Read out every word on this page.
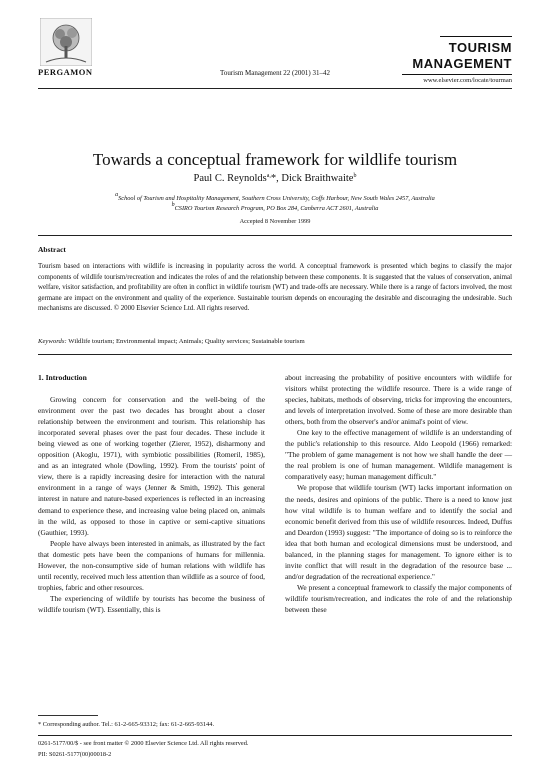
PERGAMON	Tourism Management 22 (2001) 31–42
TOURISM
MANAGEMENT
www.elsevier.com/locate/tourman
Towards a conceptual framework for wildlife tourism
Paul C. Reynolds$^{a,}$*, Dick Braithwaite$^b$
$^a$School of Tourism and Hospitality Management, Southern Cross University, Coffs Harbour, New South Wales 2457, Australia
$^b$CSIRO Tourism Research Program, PO Box 284, Canberra ACT 2601, Australia
Accepted 8 November 1999
Abstract
Tourism based on interactions with wildlife is increasing in popularity across the world. A conceptual framework is presented which begins to classify the major components of wildlife tourism/recreation and indicates the roles of and the relationship between these components. It is suggested that the values of conservation, animal welfare, visitor satisfaction, and profitability are often in conflict in wildlife tourism (WT) and trade-offs are necessary. While there is a range of factors involved, the most germane are impact on the environment and quality of the experience. Sustainable tourism depends on encouraging the desirable and discouraging the undesirable. Such mechanisms are discussed. © 2000 Elsevier Science Ltd. All rights reserved.
Keywords: Wildlife tourism; Environmental impact; Animals; Quality services; Sustainable tourism

1. Introduction

Growing concern for conservation and the well-being of the environment over the past two decades has brought about a closer relationship between the environment and tourism. This relationship has incorporated several phases over the past four decades. These include it being viewed as one of working together (Zierer, 1952), disharmony and opposition (Akoglu, 1971), with symbiotic possibilities (Romeril, 1985), and as an integrated whole (Dowling, 1992). From the tourists' point of view, there is a rapidly increasing desire for interaction with the natural environment in a range of ways (Jenner & Smith, 1992). This general interest in nature and nature-based experiences is reflected in an increasing demand to experience these, and increasing value being placed on, animals in the wild, as opposed to those in captive or semi-captive situations (Gauthier, 1993).

People have always been interested in animals, as illustrated by the fact that domestic pets have been the companions of humans for millennia. However, the non-consumptive side of human relations with wildlife has until recently, received much less attention than wildlife as a source of food, trophies, fabric and other resources.

The experiencing of wildlife by tourists has become the business of wildlife tourism (WT). Essentially, this is

about increasing the probability of positive encounters with wildlife for visitors whilst protecting the wildlife resource. There is a wide range of species, habitats, methods of observing, tricks for improving the encounters, and levels of interpretation involved. Some of these are more desirable than others, both from the observer's and/or animal's point of view.

One key to the effective management of wildlife is an understanding of the public's relationship to this resource. Aldo Leopold (1966) remarked: "The problem of game management is not how we shall handle the deer — the real problem is one of human management. Wildlife management is comparatively easy; human management difficult."

We propose that wildlife tourism (WT) lacks important information on the needs, desires and opinions of the public. There is a need to know just how vital wildlife is to human welfare and to identify the social and economic benefit derived from this use of wildlife resources. Indeed, Duffus and Deardon (1993) suggest: "The importance of doing so is to reinforce the idea that both human and ecological dimensions must be understood, and balanced, in the planning stages for management. To ignore either is to invite conflict that will result in the degradation of the resource base ... and/or degradation of the recreational experience."

We present a conceptual framework to classify the major components of wildlife tourism/recreation, and indicates the role of and the relationship between these

* Corresponding author. Tel.: 61-2-665-93312; fax: 61-2-665-93144.
0261-5177/00/$ - see front matter © 2000 Elsevier Science Ltd. All rights reserved.
PII: S0261-5177(00)00018-2
